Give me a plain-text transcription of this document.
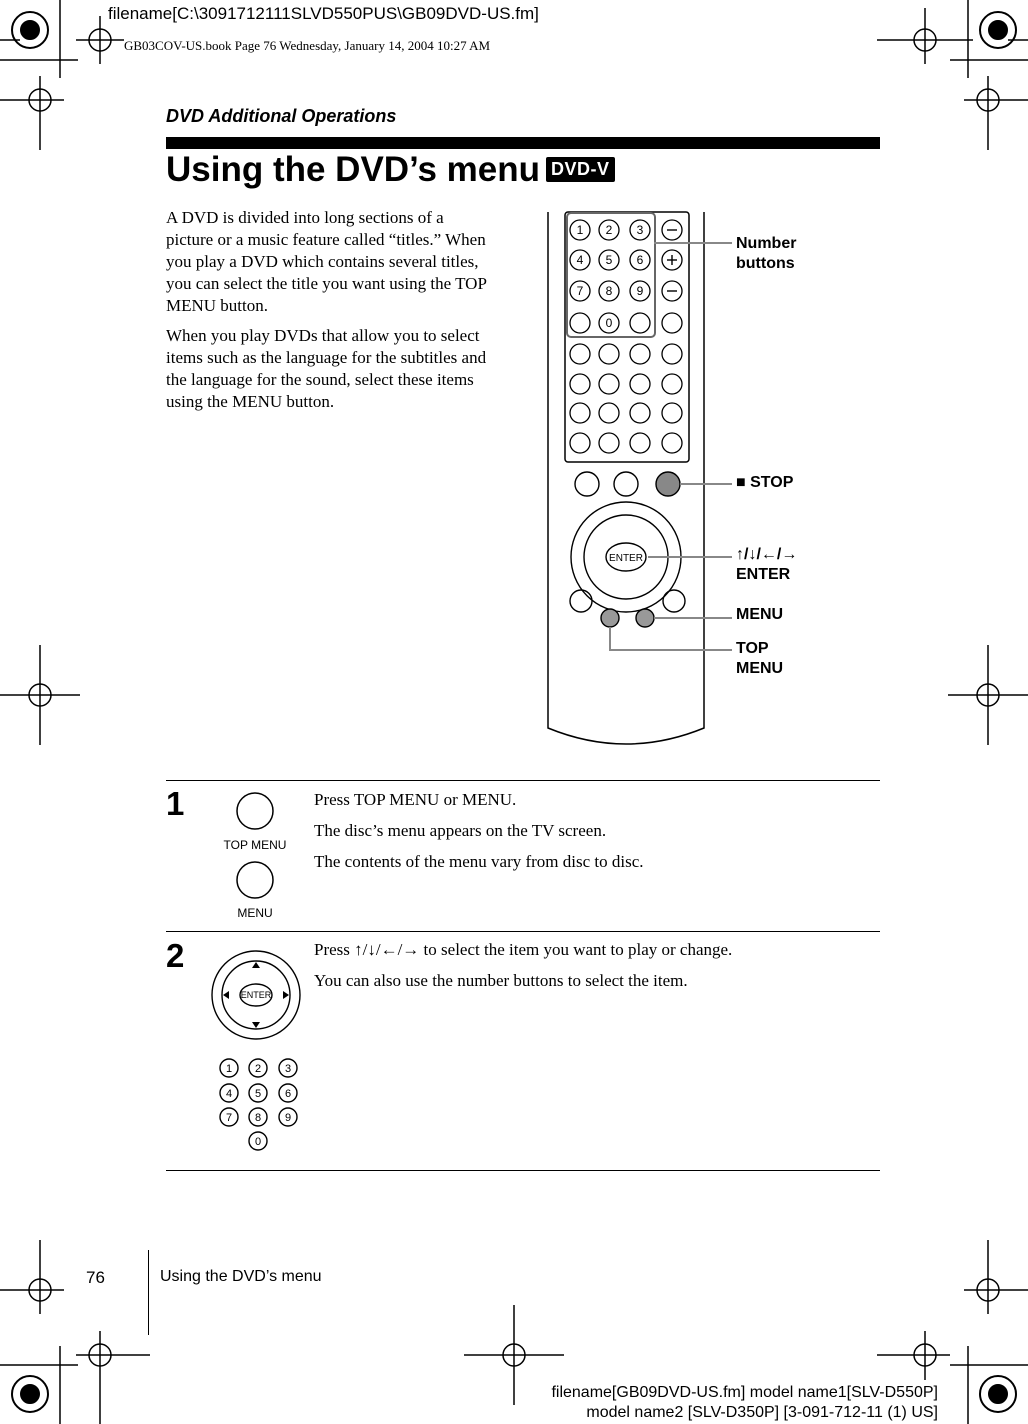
filename[C:\3091712111SLVD550PUS\GB09DVD-US.fm]
GB03COV-US.book Page 76 Wednesday, January 14, 2004 10:27 AM
DVD Additional Operations
Using the DVD’s menu DVD-V

A DVD is divided into long sections of a picture or a music feature called “titles.” When you play a DVD which contains several titles, you can select the title you want using the TOP MENU button.

When you play DVDs that allow you to select items such as the language for the subtitles and the language for the sound, select these items using the MENU button.

1 2 3
4 5 6
7 8 9
0
ENTER
Number
buttons
■ STOP
↑/↓/←/→
ENTER
MENU
TOP
MENU
1
TOP MENU
MENU

Press TOP MENU or MENU.

The disc’s menu appears on the TV screen.

The contents of the menu vary from disc to disc.

2
ENTER
1 2 3
4 5 6
7 8 9
0

Press ↑/↓/←/→ to select the item you want to play or change.

You can also use the number buttons to select the item.

76	Using the DVD’s menu
filename[GB09DVD-US.fm] model name1[SLV-D550P]
model name2 [SLV-D350P] [3-091-712-11 (1) US]
